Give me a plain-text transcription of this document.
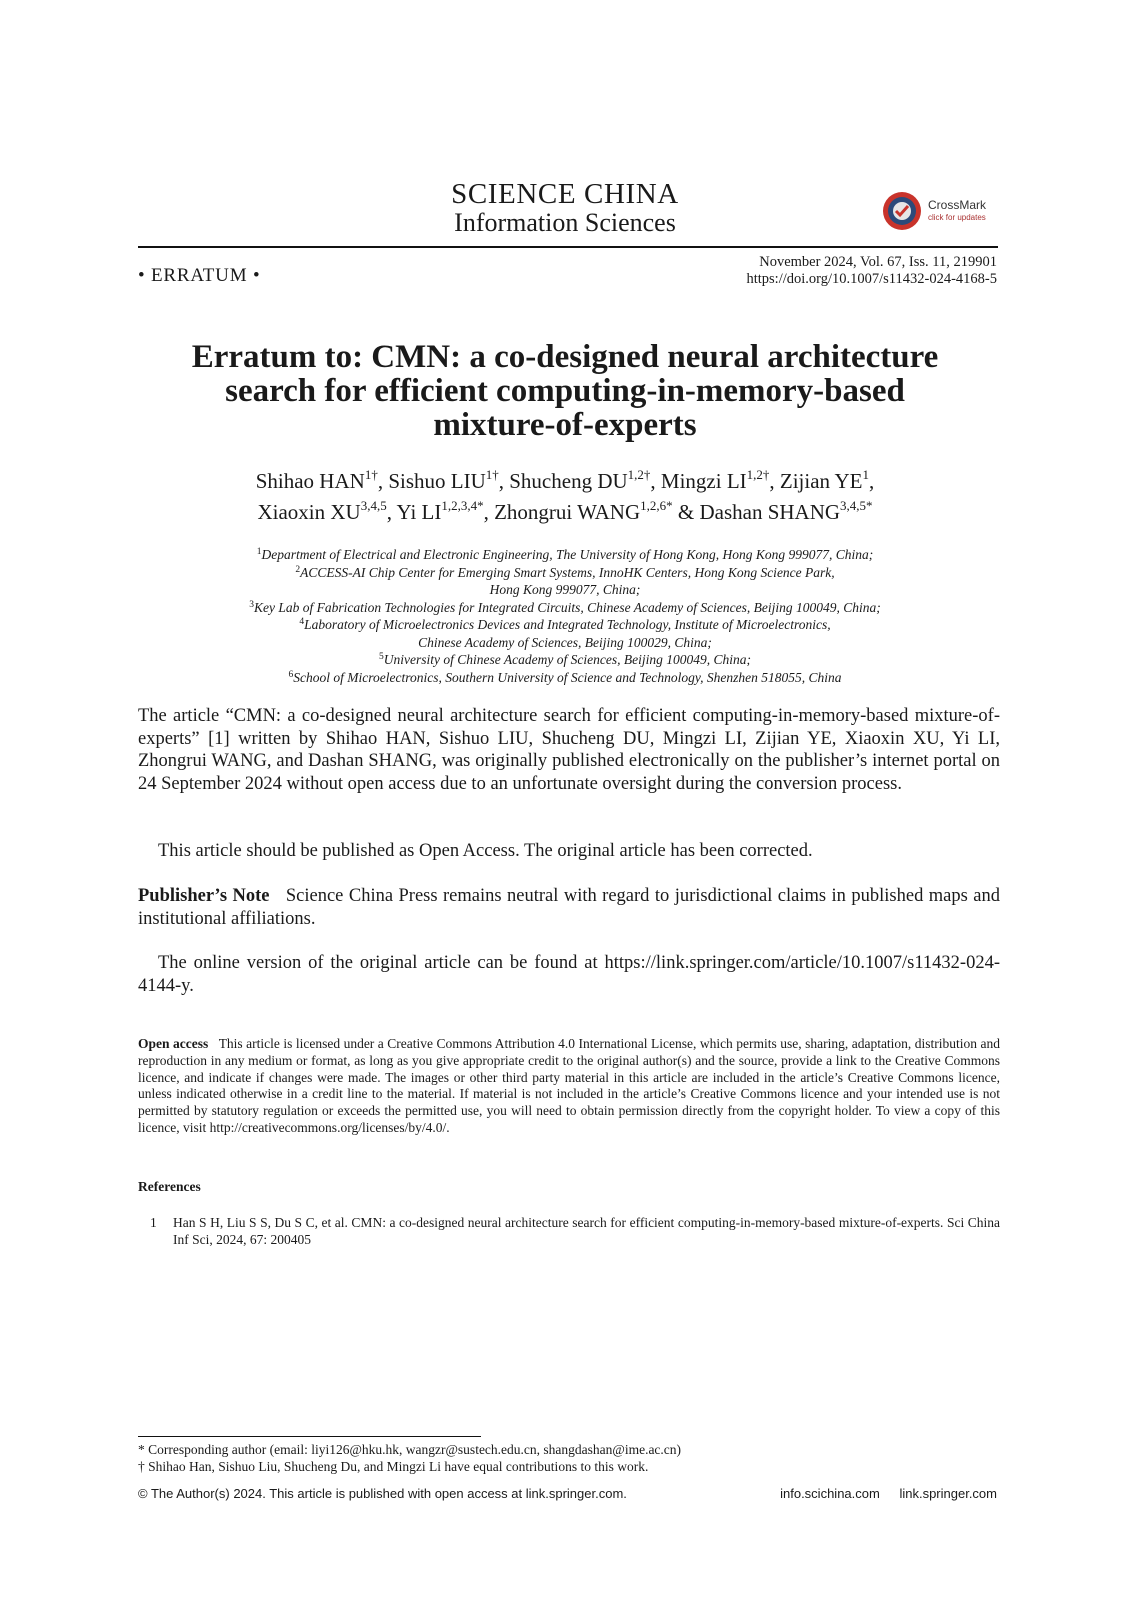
SCIENCE CHINA
Information Sciences
CrossMark
click for updates
• ERRATUM •
November 2024, Vol. 67, Iss. 11, 219901
https://doi.org/10.1007/s11432-024-4168-5
Erratum to: CMN: a co-designed neural architecture
search for efficient computing-in-memory-based
mixture-of-experts
Shihao $HAN^{1\dagger}$, Sishuo $LIU^{1\dagger}$, Shucheng $DU^{1,2\dagger}$, Mingzi $LI^{1,2\dagger}$, Zijian $YE^1$,
Xiaoxin XU$^{3,4,5}$, Yi $LI^{1,2,3,4*}$, Zhongrui $WANG^{1,2,6*}$ & Dashan $SHANG^{3,4,5*}$
$^1$Department of Electrical and Electronic Engineering, The University of Hong Kong, Hong Kong 999077, China;
$^2$ACCESS-AI Chip Center for Emerging Smart Systems, InnoHK Centers, Hong Kong Science Park,
Hong Kong 999077, China;
$^3$Key Lab of Fabrication Technologies for Integrated Circuits, Chinese Academy of Sciences, Beijing 100049, China;
$^4$Laboratory of Microelectronics Devices and Integrated Technology, Institute of Microelectronics,
Chinese Academy of Sciences, Beijing 100029, China;
$^5$University of Chinese Academy of Sciences, Beijing 100049, China;
$^6$School of Microelectronics, Southern University of Science and Technology, Shenzhen 518055, China
The article “CMN: a co-designed neural architecture search for efficient computing-in-memory-based mixture-of-experts” [1] written by Shihao HAN, Sishuo LIU, Shucheng DU, Mingzi LI, Zijian YE, Xiaoxin XU, Yi LI, Zhongrui WANG, and Dashan SHANG, was originally published electronically on the publisher’s internet portal on 24 September 2024 without open access due to an unfortunate oversight during the conversion process.
This article should be published as Open Access. The original article has been corrected.
Publisher’s Note Science China Press remains neutral with regard to jurisdictional claims in published maps and institutional affiliations.
The online version of the original article can be found at https://link.springer.com/article/10.1007/s11432-024-4144-y.
Open access This article is licensed under a Creative Commons Attribution 4.0 International License, which permits use, sharing, adaptation, distribution and reproduction in any medium or format, as long as you give appropriate credit to the original author(s) and the source, provide a link to the Creative Commons licence, and indicate if changes were made. The images or other third party material in this article are included in the article’s Creative Commons licence, unless indicated otherwise in a credit line to the material. If material is not included in the article’s Creative Commons licence and your intended use is not permitted by statutory regulation or exceeds the permitted use, you will need to obtain permission directly from the copyright holder. To view a copy of this licence, visit http://creativecommons.org/licenses/by/4.0/.
References
1 Han S H, Liu S S, Du S C, et al. CMN: a co-designed neural architecture search for efficient computing-in-memory-based mixture-of-experts. Sci China Inf Sci, 2024, 67: 200405
* Corresponding author (email: liyi126@hku.hk, wangzr@sustech.edu.cn, shangdashan@ime.ac.cn)
† Shihao Han, Sishuo Liu, Shucheng Du, and Mingzi Li have equal contributions to this work.
© The Author(s) 2024. This article is published with open access at link.springer.com.	info.scichina.com link.springer.com
